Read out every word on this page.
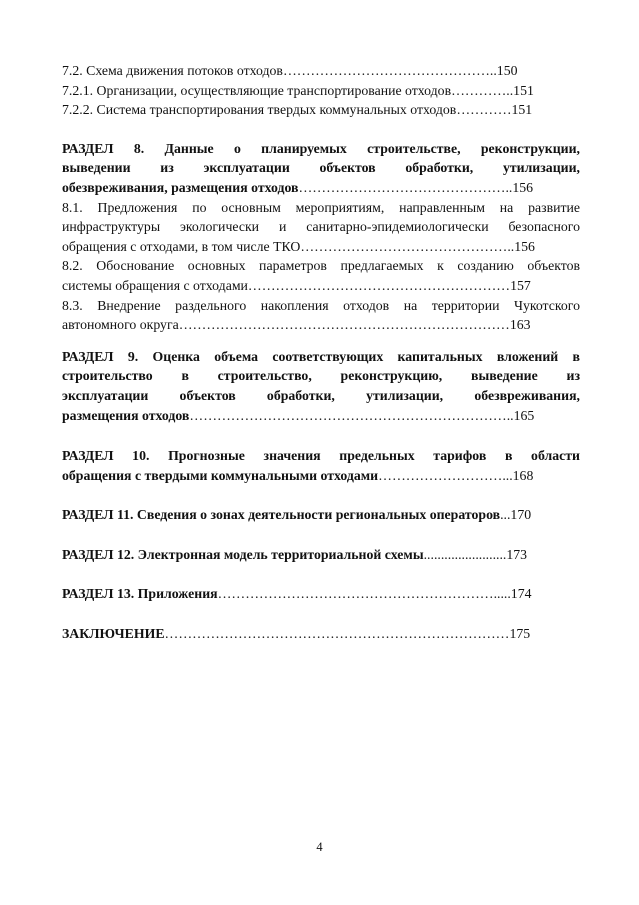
7.2. Схема движения потоков отходов………………………………………..150
7.2.1. Организации, осуществляющие транспортирование отходов…………..151
7.2.2. Система транспортирования твердых коммунальных отходов…………151
РАЗДЕЛ 8. Данные о планируемых строительстве, реконструкции,
выведении из эксплуатации объектов обработки, утилизации,
обезвреживания, размещения отходов………………………………………..156
8.1. Предложения по основным мероприятиям, направленным на развитие
инфраструктуры экологически и санитарно-эпидемиологически безопасного
обращения с отходами, в том числе ТКО………………………………………..156
8.2. Обоснование основных параметров предлагаемых к созданию объектов
системы обращения с отходами…………………………………………………157
8.3. Внедрение раздельного накопления отходов на территории Чукотского
автономного округа………………………………………………………………163
РАЗДЕЛ 9. Оценка объема соответствующих капитальных вложений в
строительство в строительство, реконструкцию, выведение из
эксплуатации объектов обработки, утилизации, обезвреживания,
размещения отходов……………………………………………………………..165
РАЗДЕЛ 10. Прогнозные значения предельных тарифов в области
обращения с твердыми коммунальными отходами………………………...168
РАЗДЕЛ 11. Сведения о зонах деятельности региональных операторов...170
РАЗДЕЛ 12. Электронная модель территориальной схемы........................173
РАЗДЕЛ 13. Приложения…………………………………………………….....174
ЗАКЛЮЧЕНИЕ…………………………………………………………………175
4
